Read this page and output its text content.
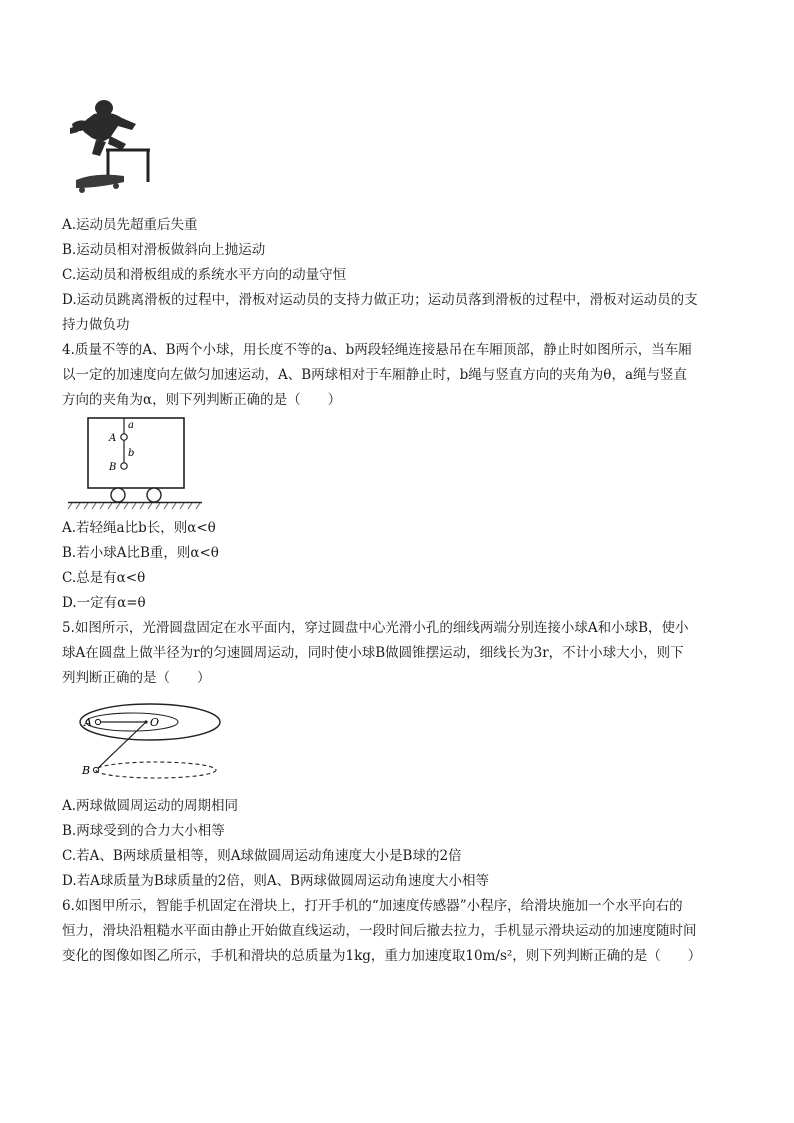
A.运动员先超重后失重
B.运动员相对滑板做斜向上抛运动
C.运动员和滑板组成的系统水平方向的动量守恒
D.运动员跳离滑板的过程中，滑板对运动员的支持力做正功；运动员落到滑板的过程中，滑板对运动员的支
持力做负功
4.质量不等的A、B两个小球，用长度不等的a、b两段轻绳连接悬吊在车厢顶部，静止时如图所示，当车厢
以一定的加速度向左做匀加速运动，A、B两球相对于车厢静止时，b绳与竖直方向的夹角为θ，a绳与竖直
方向的夹角为α，则下列判断正确的是（　　）
a
A
b
B
A.若轻绳a比b长，则α<θ
B.若小球A比B重，则α<θ
C.总是有α<θ
D.一定有α=θ
5.如图所示，光滑圆盘固定在水平面内，穿过圆盘中心光滑小孔的细线两端分别连接小球A和小球B，使小
球A在圆盘上做半径为r的匀速圆周运动，同时使小球B做圆锥摆运动，细线长为3r，不计小球大小，则下
列判断正确的是（　　）
A	O
B
A.两球做圆周运动的周期相同
B.两球受到的合力大小相等
C.若A、B两球质量相等，则A球做圆周运动角速度大小是B球的2倍
D.若A球质量为B球质量的2倍，则A、B两球做圆周运动角速度大小相等
6.如图甲所示，智能手机固定在滑块上，打开手机的“加速度传感器”小程序，给滑块施加一个水平向右的
恒力，滑块沿粗糙水平面由静止开始做直线运动，一段时间后撤去拉力，手机显示滑块运动的加速度随时间
变化的图像如图乙所示，手机和滑块的总质量为1kg，重力加速度取10m/s²，则下列判断正确的是（　　）
